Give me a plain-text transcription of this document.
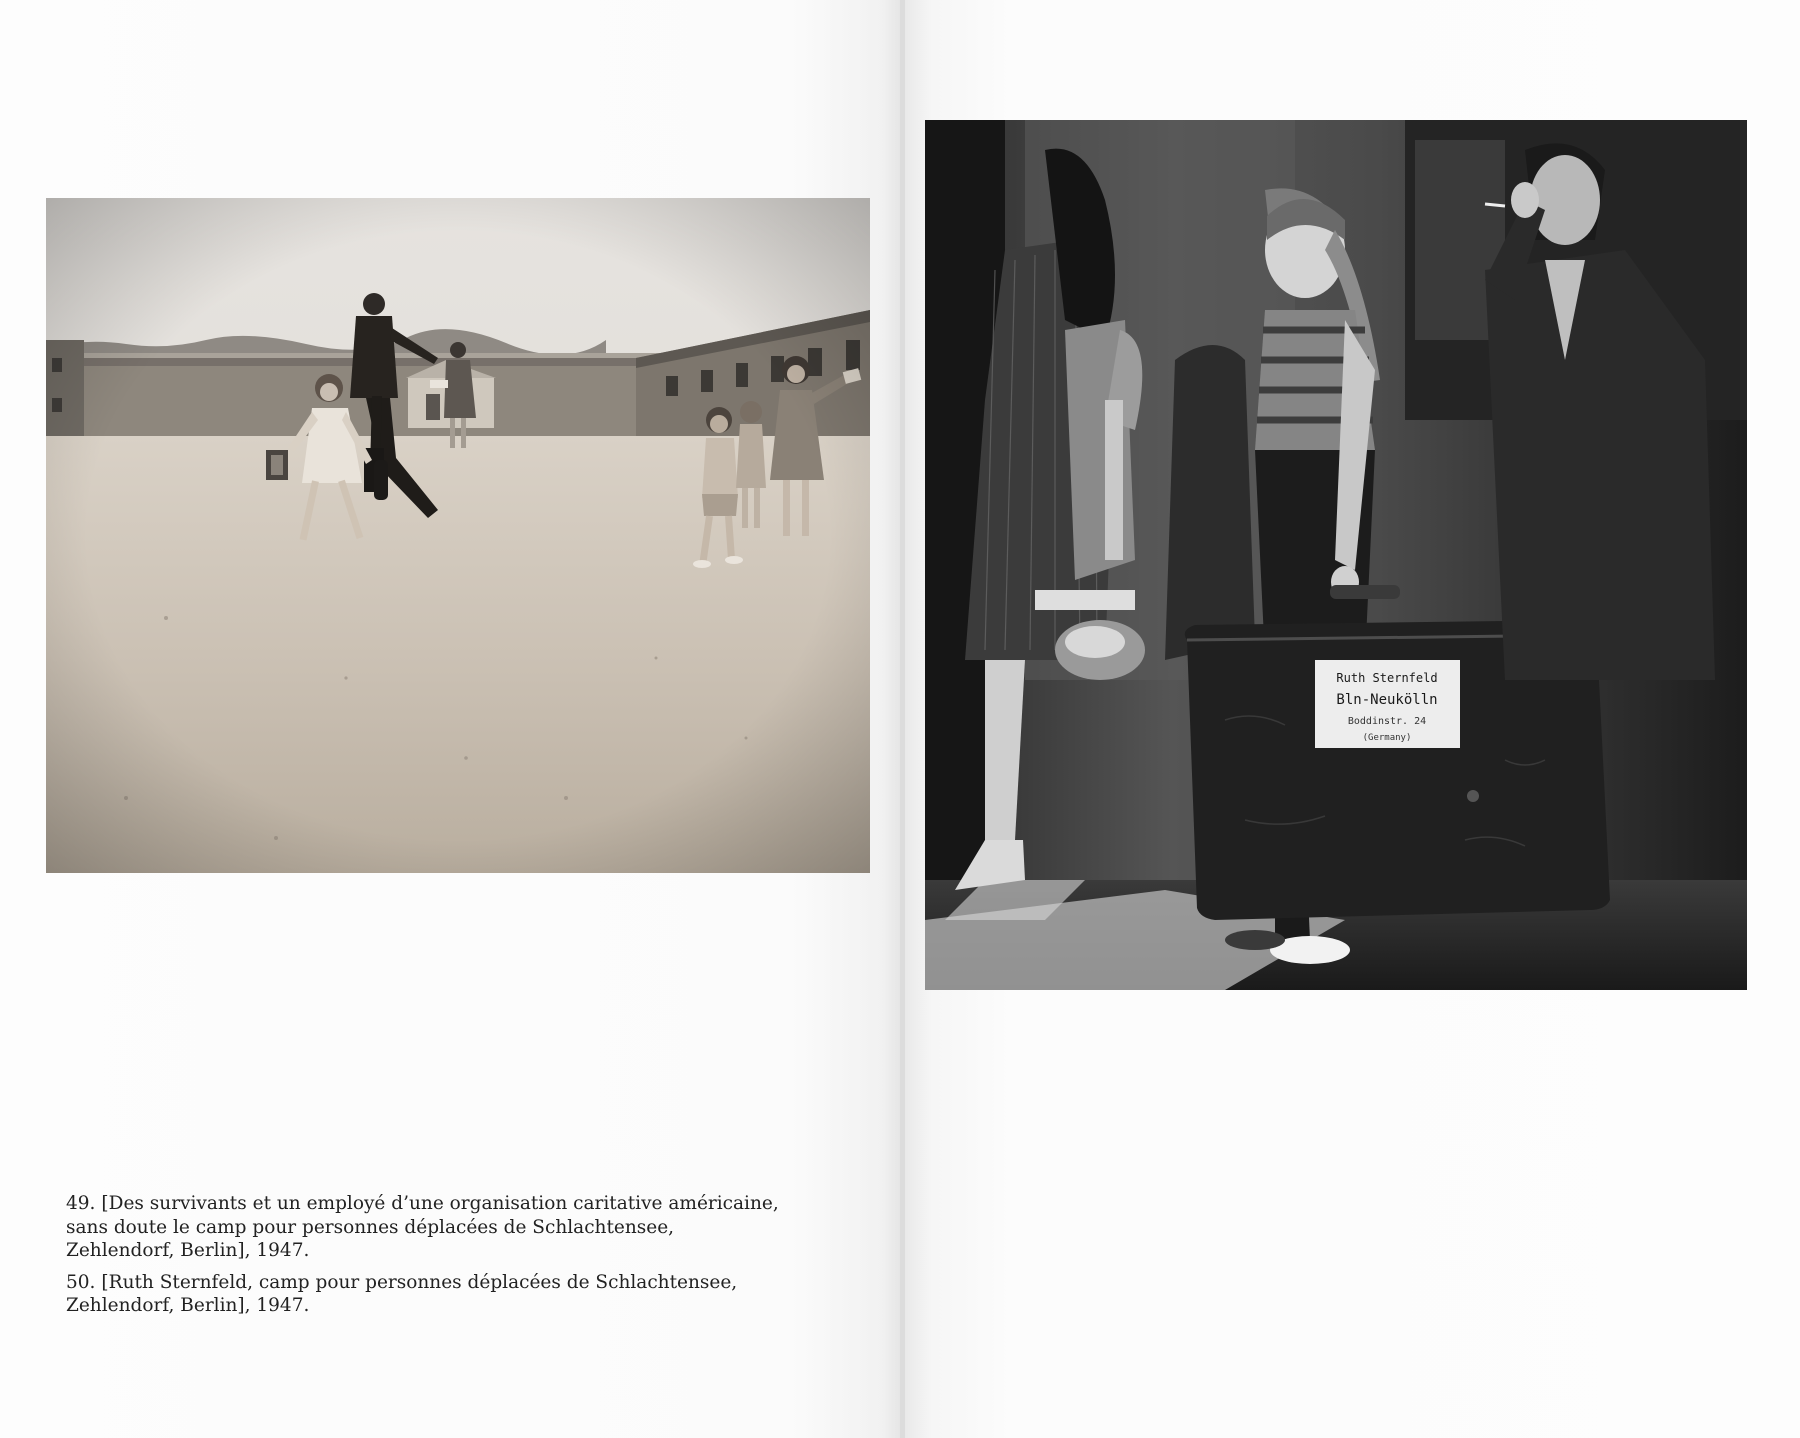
49. [Des survivants et un employé d’une organisation caritative américaine,
sans doute le camp pour personnes déplacées de Schlachtensee,
Zehlendorf, Berlin], 1947.

50. [Ruth Sternfeld, camp pour personnes déplacées de Schlachtensee,
Zehlendorf, Berlin], 1947.

Ruth Sternfeld
Bln-Neukölln
Boddinstr. 24
(Germany)
